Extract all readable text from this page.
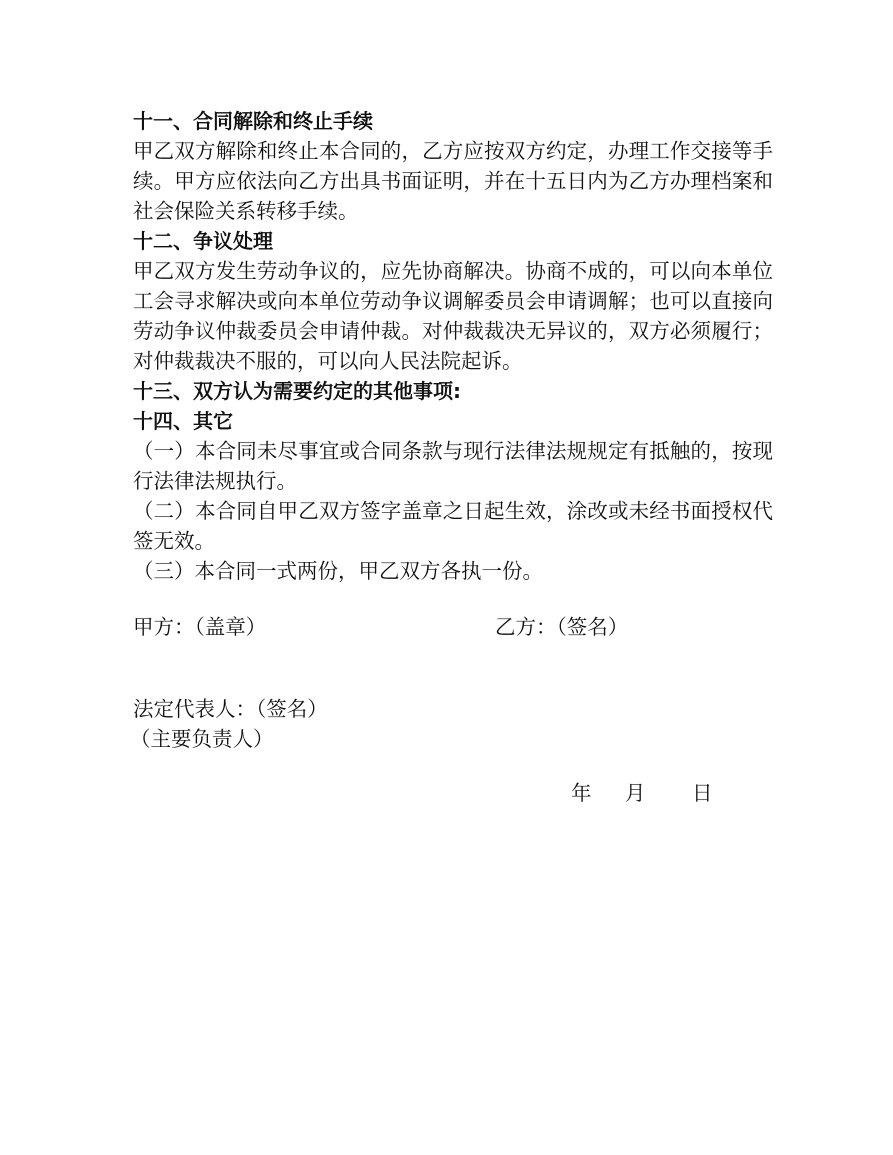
十一、合同解除和终止手续

甲乙双方解除和终止本合同的，乙方应按双方约定，办理工作交接等手续。甲方应依法向乙方出具书面证明，并在十五日内为乙方办理档案和社会保险关系转移手续。

十二、争议处理

甲乙双方发生劳动争议的，应先协商解决。协商不成的，可以向本单位工会寻求解决或向本单位劳动争议调解委员会申请调解；也可以直接向劳动争议仲裁委员会申请仲裁。对仲裁裁决无异议的，双方必须履行；对仲裁裁决不服的，可以向人民法院起诉。

十三、双方认为需要约定的其他事项:

十四、其它

（一）本合同未尽事宜或合同条款与现行法律法规规定有抵触的，按现行法律法规执行。

（二）本合同自甲乙双方签字盖章之日起生效，涂改或未经书面授权代签无效。

（三）本合同一式两份，甲乙双方各执一份。

甲方：（盖章）	乙方：（签名）
法定代表人：（签名）
（主要负责人）
年 月 日
